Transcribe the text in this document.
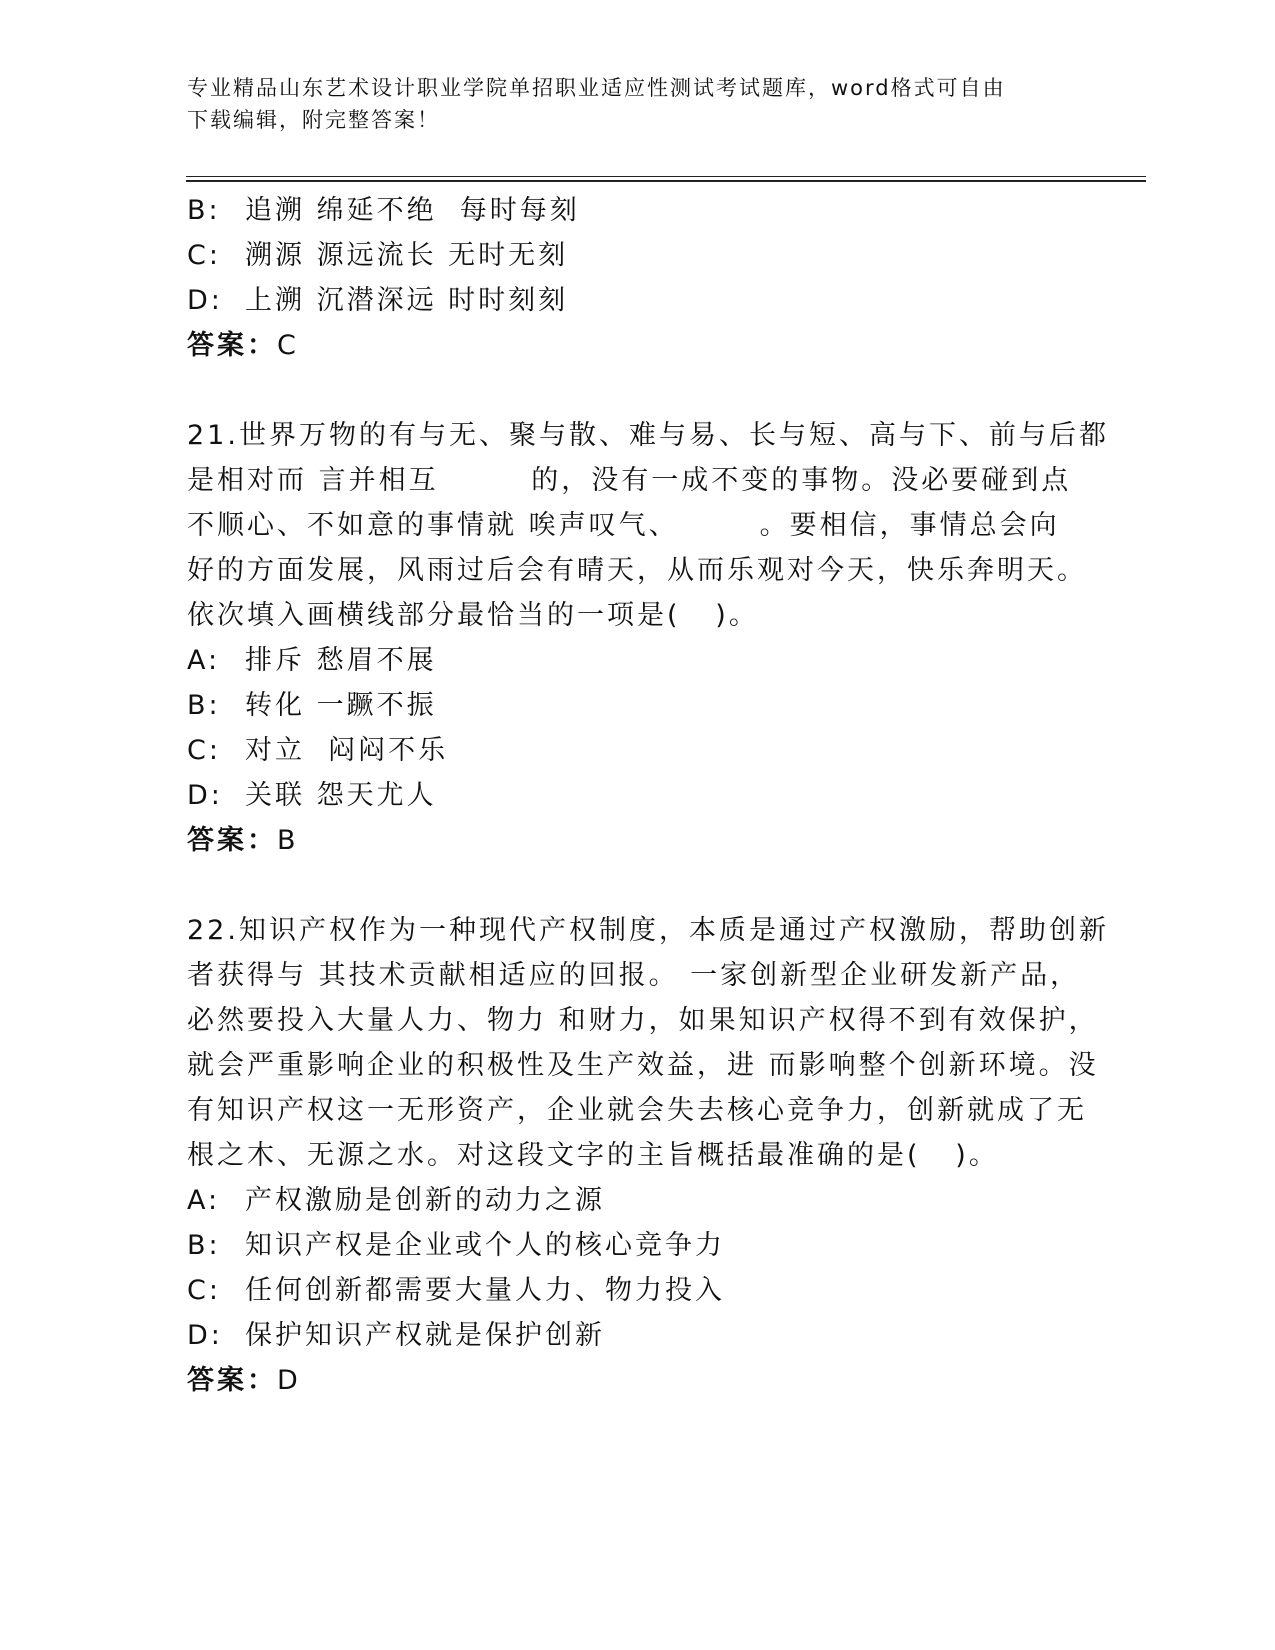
专业精品山东艺术设计职业学院单招职业适应性测试考试题库，word格式可自由
下载编辑，附完整答案！
B: 追溯 绵延不绝  每时每刻
C: 溯源 源远流长 无时无刻
D: 上溯 沉潜深远 时时刻刻
答案：C
21.世界万物的有与无、聚与散、难与易、长与短、高与下、前与后都
是相对而 言并相互        的，没有一成不变的事物。没必要碰到点
不顺心、不如意的事情就 唉声叹气、       。要相信，事情总会向
好的方面发展，风雨过后会有晴天，从而乐观对今天，快乐奔明天。
依次填入画横线部分最恰当的一项是(   )。
A: 排斥 愁眉不展
B: 转化 一蹶不振
C: 对立  闷闷不乐
D: 关联 怨天尤人
答案：B
22.知识产权作为一种现代产权制度，本质是通过产权激励，帮助创新
者获得与 其技术贡献相适应的回报。 一家创新型企业研发新产品，
必然要投入大量人力、物力 和财力，如果知识产权得不到有效保护，
就会严重影响企业的积极性及生产效益，进 而影响整个创新环境。没
有知识产权这一无形资产，企业就会失去核心竞争力，创新就成了无
根之木、无源之水。对这段文字的主旨概括最准确的是(   )。
A: 产权激励是创新的动力之源
B: 知识产权是企业或个人的核心竞争力
C: 任何创新都需要大量人力、物力投入
D: 保护知识产权就是保护创新
答案：D
